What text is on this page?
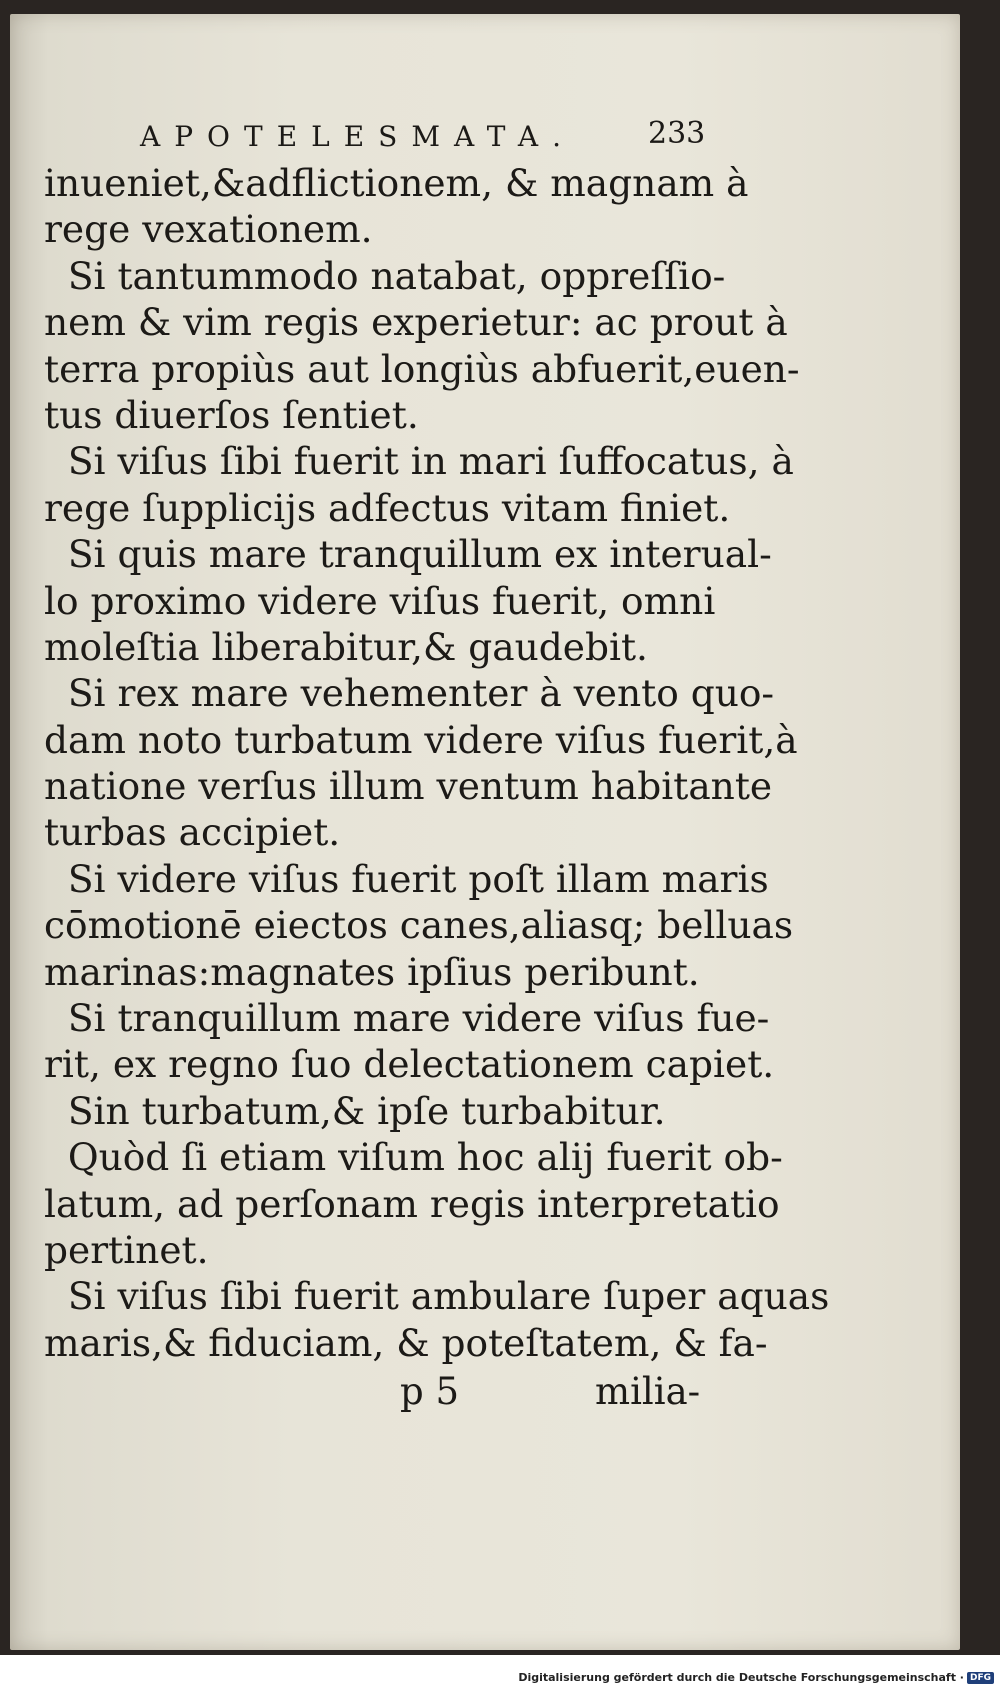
APOTELESMATA. 233
inueniet,&adflictionem, & magnam à
rege vexationem.
Si tantummodo natabat, oppreſſio-
nem & vim regis experietur: ac prout à
terra propiùs aut longiùs abfuerit,euen-
tus diuerſos ſentiet.
Si viſus ſibi fuerit in mari ſuffocatus, à
rege ſupplicijs adfectus vitam finiet.
Si quis mare tranquillum ex interual-
lo proximo videre viſus fuerit, omni
moleſtia liberabitur,& gaudebit.
Si rex mare vehementer à vento quo-
dam noto turbatum videre viſus fuerit,à
natione verſus illum ventum habitante
turbas accipiet.
Si videre viſus fuerit poſt illam maris
cōmotionē eiectos canes,aliasq; belluas
marinas:magnates ipſius peribunt.
Si tranquillum mare videre viſus fue-
rit, ex regno ſuo delectationem capiet.
Sin turbatum,& ipſe turbabitur.
Quòd ſi etiam viſum hoc alij fuerit ob-
latum, ad perſonam regis interpretatio
pertinet.
Si viſus ſibi fuerit ambulare ſuper aquas
maris,& fiduciam, & poteſtatem, & fa-
p 5	milia-
Digitalisierung gefördert durch die Deutsche Forschungsgemeinschaft · DFG
